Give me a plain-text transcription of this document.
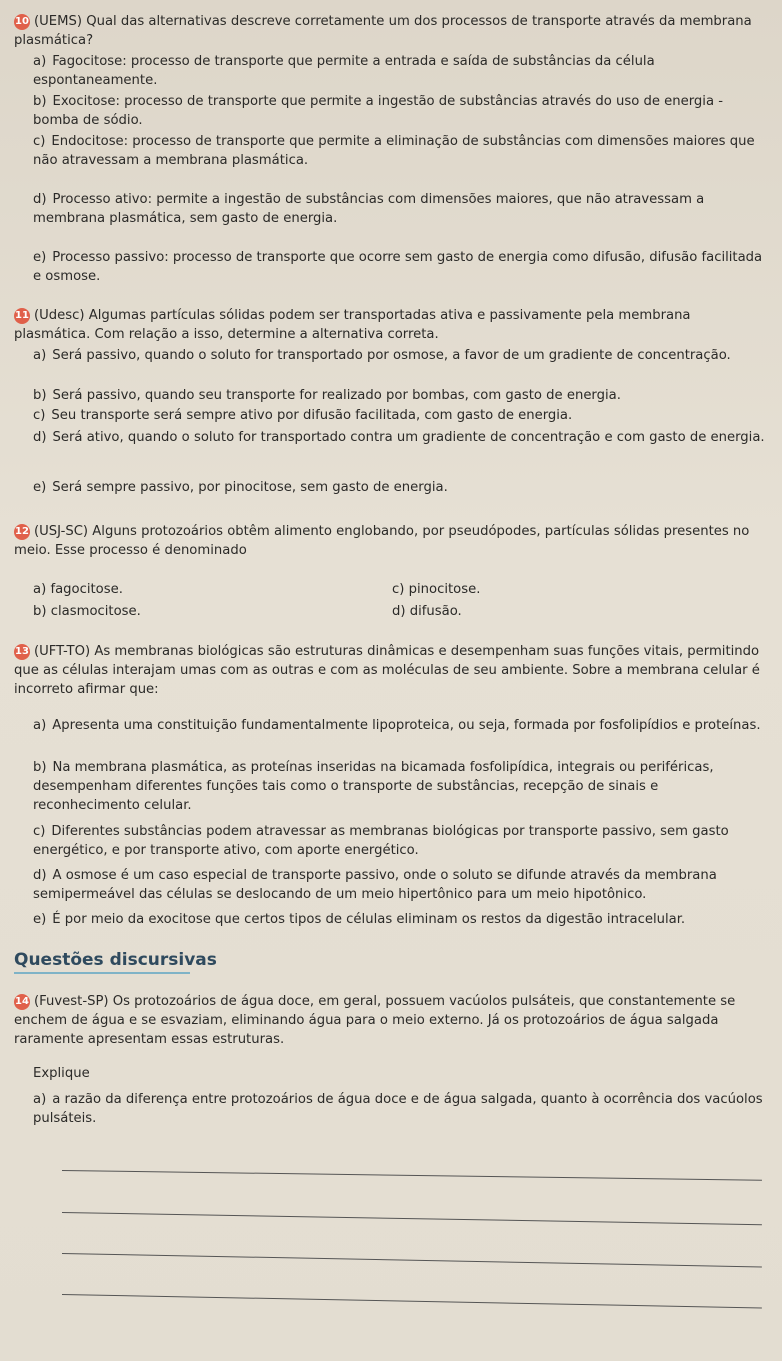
10 (UEMS) Qual das alternativas descreve corretamente um dos processos de transporte através da membrana plasmática?
a) Fagocitose: processo de transporte que permite a entrada e saída de substâncias da célula espontaneamente.
b) Exocitose: processo de transporte que permite a ingestão de substâncias através do uso de energia - bomba de sódio.
c) Endocitose: processo de transporte que permite a eliminação de substâncias com dimensões maiores que não atravessam a membrana plasmática.
d) Processo ativo: permite a ingestão de substâncias com dimensões maiores, que não atravessam a membrana plasmática, sem gasto de energia.
e) Processo passivo: processo de transporte que ocorre sem gasto de energia como difusão, difusão facilitada e osmose.
11 (Udesc) Algumas partículas sólidas podem ser transportadas ativa e passivamente pela membrana plasmática. Com relação a isso, determine a alternativa correta.
a) Será passivo, quando o soluto for transportado por osmose, a favor de um gradiente de concentração.
b) Será passivo, quando seu transporte for realizado por bombas, com gasto de energia.
c) Seu transporte será sempre ativo por difusão facilitada, com gasto de energia.
d) Será ativo, quando o soluto for transportado contra um gradiente de concentração e com gasto de energia.
e) Será sempre passivo, por pinocitose, sem gasto de energia.
12 (USJ-SC) Alguns protozoários obtêm alimento englobando, por pseudópodes, partículas sólidas presentes no meio. Esse processo é denominado
a) fagocitose.
b) clasmocitose.
c) pinocitose.
d) difusão.
13 (UFT-TO) As membranas biológicas são estruturas dinâmicas e desempenham suas funções vitais, permitindo que as células interajam umas com as outras e com as moléculas de seu ambiente. Sobre a membrana celular é incorreto afirmar que:
a) Apresenta uma constituição fundamentalmente lipoproteica, ou seja, formada por fosfolipídios e proteínas.
b) Na membrana plasmática, as proteínas inseridas na bicamada fosfolipídica, integrais ou periféricas, desempenham diferentes funções tais como o transporte de substâncias, recepção de sinais e reconhecimento celular.
c) Diferentes substâncias podem atravessar as membranas biológicas por transporte passivo, sem gasto energético, e por transporte ativo, com aporte energético.
d) A osmose é um caso especial de transporte passivo, onde o soluto se difunde através da membrana semipermeável das células se deslocando de um meio hipertônico para um meio hipotônico.
e) É por meio da exocitose que certos tipos de células eliminam os restos da digestão intracelular.
Questões discursivas
14 (Fuvest-SP) Os protozoários de água doce, em geral, possuem vacúolos pulsáteis, que constantemente se enchem de água e se esvaziam, eliminando água para o meio externo. Já os protozoários de água salgada raramente apresentam essas estruturas.
Explique
a) a razão da diferença entre protozoários de água doce e de água salgada, quanto à ocorrência dos vacúolos pulsáteis.
